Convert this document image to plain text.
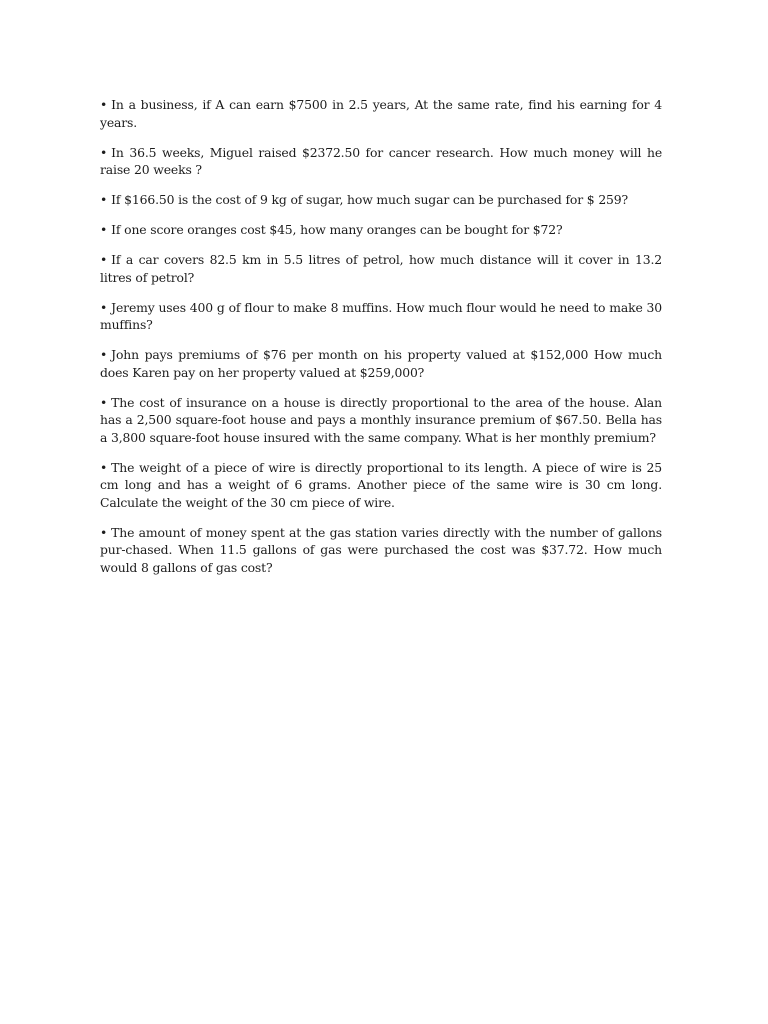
• In a business, if A can earn $7500 in 2.5 years, At the same rate, find his earning for 4 years.

• In 36.5 weeks, Miguel raised $2372.50 for cancer research. How much money will he raise 20 weeks ?

• If $166.50 is the cost of 9 kg of sugar, how much sugar can be purchased for $ 259?

• If one score oranges cost $45, how many oranges can be bought for $72?

• If a car covers 82.5 km in 5.5 litres of petrol, how much distance will it cover in 13.2 litres of petrol?

• Jeremy uses 400 g of flour to make 8 muffins. How much flour would he need to make 30 muffins?

• John pays premiums of $76 per month on his property valued at $152,000 How much does Karen pay on her property valued at $259,000?

• The cost of insurance on a house is directly proportional to the area of the house. Alan has a 2,500 square-foot house and pays a monthly insurance premium of $67.50. Bella has a 3,800 square-foot house insured with the same company. What is her monthly premium?

• The weight of a piece of wire is directly proportional to its length. A piece of wire is 25 cm long and has a weight of 6 grams. Another piece of the same wire is 30 cm long. Calculate the weight of the 30 cm piece of wire.

• The amount of money spent at the gas station varies directly with the number of gallons pur-chased. When 11.5 gallons of gas were purchased the cost was $37.72. How much would 8 gallons of gas cost?
